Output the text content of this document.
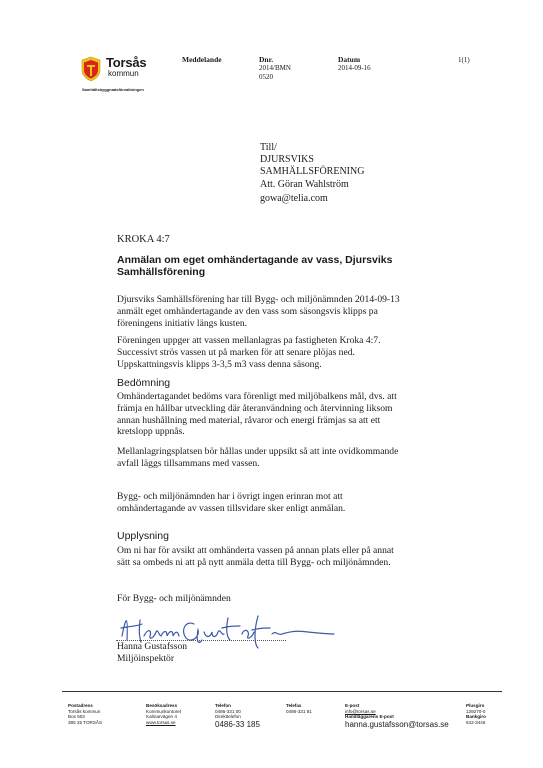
Torsås
kommun
Samhällsbyggnadsförvaltningen
Meddelande	Dnr.
2014/BMN
0520
Datum
2014-09-16
1(1)
Till/
DJURSVIKS
SAMHÄLLSFÖRENING
Att. Göran Wahlström
gowa@telia.com
KROKA 4:7
Anmälan om eget omhändertagande av vass, Djursviks
Samhällsförening
Djursviks Samhällsförening har till Bygg- och miljönämnden 2014-09-13
anmält eget omhändertagande av den vass som säsongsvis klipps pa
föreningens initiativ längs kusten.
Föreningen uppger att vassen mellanlagras pa fastigheten Kroka 4:7.
Successivt strös vassen ut på marken för att senare plöjas ned.
Uppskattningsvis klipps 3-3,5 m3 vass denna säsong.
Bedömning
Omhändertagandet bedöms vara förenligt med miljöbalkens mål, dvs. att
främja en hållbar utveckling där återanvändning och återvinning liksom
annan hushållning med material, råvaror och energi främjas sa att ett
kretslopp uppnås.
Mellanlagringsplatsen bör hållas under uppsikt så att inte ovidkommande
avfall läggs tillsammans med vassen.
Bygg- och miljönämnden har i övrigt ingen erinran mot att
omhändertagande av vassen tillsvidare sker enligt anmälan.
Upplysning
Om ni har för avsikt att omhänderta vassen på annan plats eller på annat
sätt sa ombeds ni att på nytt anmäla detta till Bygg- och miljönämnden.
För Bygg- och miljönämnden
Hanna Gustafsson
Miljöinspektör
Postadress
Torsås kommun
Box 503
385 25 TORSÅS
Besöksadress
Kommunkontoret
Kalmarvägen 4
www.torsas.se
Telefon
0486-331 00
Direkttelefon
0486-33 185
Telefax
0486-331 81
E-post
info@torsas.se
Handläggarens E-post
hanna.gustafsson@torsas.se
Plusgiro
139270-0
Bankgiro
642-3446
